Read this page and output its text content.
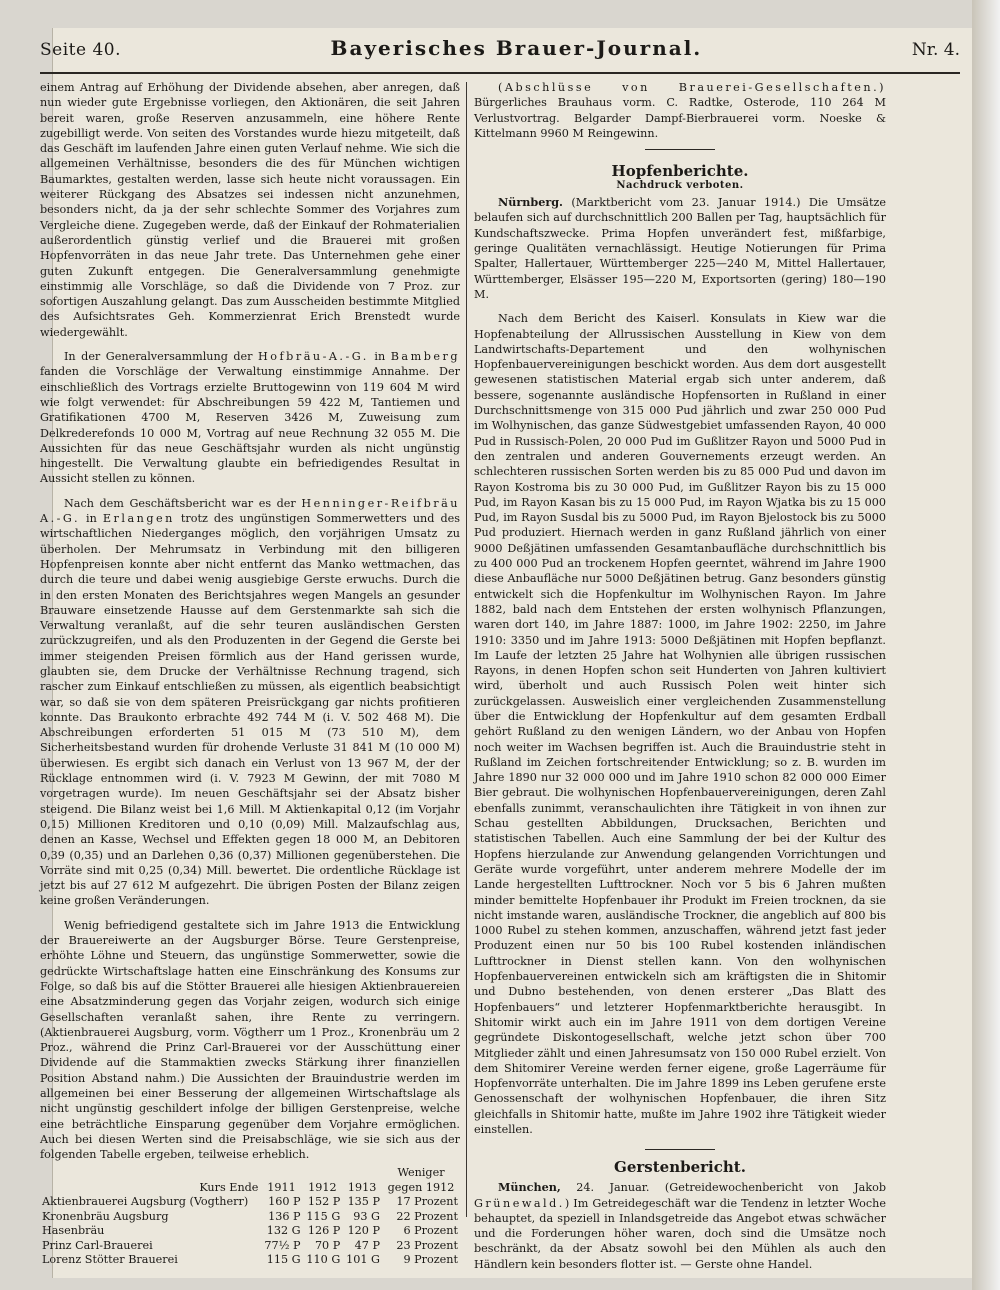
Seite 40.	Bayerisches Brauer-Journal.	Nr. 4.

einem Antrag auf Erhöhung der Dividende absehen, aber anregen, daß nun wieder gute Ergebnisse vorliegen, den Aktionären, die seit Jahren bereit waren, große Reserven anzusammeln, eine höhere Rente zugebilligt werde. Von seiten des Vorstandes wurde hiezu mitgeteilt, daß das Geschäft im laufenden Jahre einen guten Verlauf nehme. Wie sich die allgemeinen Verhältnisse, besonders die des für München wichtigen Baumarktes, gestalten werden, lasse sich heute nicht voraussagen. Ein weiterer Rückgang des Absatzes sei indessen nicht anzunehmen, besonders nicht, da ja der sehr schlechte Sommer des Vorjahres zum Vergleiche diene. Zugegeben werde, daß der Einkauf der Rohmaterialien außerordentlich günstig verlief und die Brauerei mit großen Hopfenvorräten in das neue Jahr trete. Das Unternehmen gehe einer guten Zukunft entgegen. Die Generalversammlung genehmigte einstimmig alle Vorschläge, so daß die Dividende von 7 Proz. zur sofortigen Auszahlung gelangt. Das zum Ausscheiden bestimmte Mitglied des Aufsichtsrates Geh. Kommerzienrat Erich Brenstedt wurde wiedergewählt.

In der Generalversammlung der Hofbräu-A.-G. in Bamberg fanden die Vorschläge der Verwaltung einstimmige Annahme. Der einschließlich des Vortrags erzielte Bruttogewinn von 119 604 M wird wie folgt verwendet: für Abschreibungen 59 422 M, Tantiemen und Gratifikationen 4700 M, Reserven 3426 M, Zuweisung zum Delkrederefonds 10 000 M, Vortrag auf neue Rechnung 32 055 M. Die Aussichten für das neue Geschäftsjahr wurden als nicht ungünstig hingestellt. Die Verwaltung glaubte ein befriedigendes Resultat in Aussicht stellen zu können.

Nach dem Geschäftsbericht war es der Henninger-Reifbräu A.-G. in Erlangen trotz des ungünstigen Sommerwetters und des wirtschaftlichen Niederganges möglich, den vorjährigen Umsatz zu überholen. Der Mehrumsatz in Verbindung mit den billigeren Hopfenpreisen konnte aber nicht entfernt das Manko wettmachen, das durch die teure und dabei wenig ausgiebige Gerste erwuchs. Durch die in den ersten Monaten des Berichtsjahres wegen Mangels an gesunder Brauware einsetzende Hausse auf dem Gerstenmarkte sah sich die Verwaltung veranlaßt, auf die sehr teuren ausländischen Gersten zurückzugreifen, und als den Produzenten in der Gegend die Gerste bei immer steigenden Preisen förmlich aus der Hand gerissen wurde, glaubten sie, dem Drucke der Verhältnisse Rechnung tragend, sich rascher zum Einkauf entschließen zu müssen, als eigentlich beabsichtigt war, so daß sie von dem späteren Preisrückgang gar nichts profitieren konnte. Das Braukonto erbrachte 492 744 M (i. V. 502 468 M). Die Abschreibungen erforderten 51 015 M (73 510 M), dem Sicherheitsbestand wurden für drohende Verluste 31 841 M (10 000 M) überwiesen. Es ergibt sich danach ein Verlust von 13 967 M, der der Rücklage entnommen wird (i. V. 7923 M Gewinn, der mit 7080 M vorgetragen wurde). Im neuen Geschäftsjahr sei der Absatz bisher steigend. Die Bilanz weist bei 1,6 Mill. M Aktienkapital 0,12 (im Vorjahr 0,15) Millionen Kreditoren und 0,10 (0,09) Mill. Malzaufschlag aus, denen an Kasse, Wechsel und Effekten gegen 18 000 M, an Debitoren 0,39 (0,35) und an Darlehen 0,36 (0,37) Millionen gegenüberstehen. Die Vorräte sind mit 0,25 (0,34) Mill. bewertet. Die ordentliche Rücklage ist jetzt bis auf 27 612 M aufgezehrt. Die übrigen Posten der Bilanz zeigen keine großen Veränderungen.

Wenig befriedigend gestaltete sich im Jahre 1913 die Entwicklung der Brauereiwerte an der Augsburger Börse. Teure Gerstenpreise, erhöhte Löhne und Steuern, das ungünstige Sommerwetter, sowie die gedrückte Wirtschaftslage hatten eine Einschränkung des Konsums zur Folge, so daß bis auf die Stötter Brauerei alle hiesigen Aktienbrauereien eine Absatzminderung gegen das Vorjahr zeigen, wodurch sich einige Gesellschaften veranlaßt sahen, ihre Rente zu verringern. (Aktienbrauerei Augsburg, vorm. Vögtherr um 1 Proz., Kronenbräu um 2 Proz., während die Prinz Carl-Brauerei vor der Ausschüttung einer Dividende auf die Stammaktien zwecks Stärkung ihrer finanziellen Position Abstand nahm.) Die Aussichten der Brauindustrie werden im allgemeinen bei einer Besserung der allgemeinen Wirtschaftslage als nicht ungünstig geschildert infolge der billigen Gerstenpreise, welche eine beträchtliche Einsparung gegenüber dem Vorjahre ermöglichen. Auch bei diesen Werten sind die Preisabschläge, wie sie sich aus der folgenden Tabelle ergeben, teilweise erheblich.

Kurs Ende	1911	1912	1913	Weniger gegen 1912
Aktienbrauerei Augsburg (Vogtherr)	160 P	152 P	135 P	17 Prozent
Kronenbräu Augsburg	136 P	115 G	93 G	22 Prozent
Hasenbräu	132 G	126 P	120 P	6 Prozent
Prinz Carl-Brauerei	77½ P	70 P	47 P	23 Prozent
Lorenz Stötter Brauerei	115 G	110 G	101 G	9 Prozent

(Abschlüsse von Brauerei-Gesellschaften.) Bürgerliches Brauhaus vorm. C. Radtke, Osterode, 110 264 M Verlustvortrag. Belgarder Dampf-Bierbrauerei vorm. Noeske & Kittelmann 9960 M Reingewinn.

Hopfenberichte.
Nachdruck verboten.

Nürnberg. (Marktbericht vom 23. Januar 1914.) Die Umsätze belaufen sich auf durchschnittlich 200 Ballen per Tag, hauptsächlich für Kundschaftszwecke. Prima Hopfen unverändert fest, mißfarbige, geringe Qualitäten vernachlässigt. Heutige Notierungen für Prima Spalter, Hallertauer, Württemberger 225—240 M, Mittel Hallertauer, Württemberger, Elsässer 195—220 M, Exportsorten (gering) 180—190 M.

Nach dem Bericht des Kaiserl. Konsulats in Kiew war die Hopfenabteilung der Allrussischen Ausstellung in Kiew von dem Landwirtschafts-Departement und den wolhynischen Hopfenbauervereinigungen beschickt worden. Aus dem dort ausgestellt gewesenen statistischen Material ergab sich unter anderem, daß bessere, sogenannte ausländische Hopfensorten in Rußland in einer Durchschnittsmenge von 315 000 Pud jährlich und zwar 250 000 Pud im Wolhynischen, das ganze Südwestgebiet umfassenden Rayon, 40 000 Pud in Russisch-Polen, 20 000 Pud im Gußlitzer Rayon und 5000 Pud in den zentralen und anderen Gouvernements erzeugt werden. An schlechteren russischen Sorten werden bis zu 85 000 Pud und davon im Rayon Kostroma bis zu 30 000 Pud, im Gußlitzer Rayon bis zu 15 000 Pud, im Rayon Kasan bis zu 15 000 Pud, im Rayon Wjatka bis zu 15 000 Pud, im Rayon Susdal bis zu 5000 Pud, im Rayon Bjelostock bis zu 5000 Pud produziert. Hiernach werden in ganz Rußland jährlich von einer 9000 Deßjätinen umfassenden Gesamtanbaufläche durchschnittlich bis zu 400 000 Pud an trockenem Hopfen geerntet, während im Jahre 1900 diese Anbaufläche nur 5000 Deßjätinen betrug. Ganz besonders günstig entwickelt sich die Hopfenkultur im Wolhynischen Rayon. Im Jahre 1882, bald nach dem Entstehen der ersten wolhynisch Pflanzungen, waren dort 140, im Jahre 1887: 1000, im Jahre 1902: 2250, im Jahre 1910: 3350 und im Jahre 1913: 5000 Deßjätinen mit Hopfen bepflanzt. Im Laufe der letzten 25 Jahre hat Wolhynien alle übrigen russischen Rayons, in denen Hopfen schon seit Hunderten von Jahren kultiviert wird, überholt und auch Russisch Polen weit hinter sich zurückgelassen. Ausweislich einer vergleichenden Zusammenstellung über die Entwicklung der Hopfenkultur auf dem gesamten Erdball gehört Rußland zu den wenigen Ländern, wo der Anbau von Hopfen noch weiter im Wachsen begriffen ist. Auch die Brauindustrie steht in Rußland im Zeichen fortschreitender Entwicklung; so z. B. wurden im Jahre 1890 nur 32 000 000 und im Jahre 1910 schon 82 000 000 Eimer Bier gebraut. Die wolhynischen Hopfenbauervereinigungen, deren Zahl ebenfalls zunimmt, veranschaulichten ihre Tätigkeit in von ihnen zur Schau gestellten Abbildungen, Drucksachen, Berichten und statistischen Tabellen. Auch eine Sammlung der bei der Kultur des Hopfens hierzulande zur Anwendung gelangenden Vorrichtungen und Geräte wurde vorgeführt, unter anderem mehrere Modelle der im Lande hergestellten Lufttrockner. Noch vor 5 bis 6 Jahren mußten minder bemittelte Hopfenbauer ihr Produkt im Freien trocknen, da sie nicht imstande waren, ausländische Trockner, die angeblich auf 800 bis 1000 Rubel zu stehen kommen, anzuschaffen, während jetzt fast jeder Produzent einen nur 50 bis 100 Rubel kostenden inländischen Lufttrockner in Dienst stellen kann. Von den wolhynischen Hopfenbauervereinen entwickeln sich am kräftigsten die in Shitomir und Dubno bestehenden, von denen ersterer „Das Blatt des Hopfenbauers“ und letzterer Hopfenmarktberichte herausgibt. In Shitomir wirkt auch ein im Jahre 1911 von dem dortigen Vereine gegründete Diskontogesellschaft, welche jetzt schon über 700 Mitglieder zählt und einen Jahresumsatz von 150 000 Rubel erzielt. Von dem Shitomirer Vereine werden ferner eigene, große Lagerräume für Hopfenvorräte unterhalten. Die im Jahre 1899 ins Leben gerufene erste Genossenschaft der wolhynischen Hopfenbauer, die ihren Sitz gleichfalls in Shitomir hatte, mußte im Jahre 1902 ihre Tätigkeit wieder einstellen.

Gerstenbericht.

München, 24. Januar. (Getreidewochenbericht von Jakob Grünewald.) Im Getreidegeschäft war die Tendenz in letzter Woche behauptet, da speziell in Inlandsgetreide das Angebot etwas schwächer und die Forderungen höher waren, doch sind die Umsätze noch beschränkt, da der Absatz sowohl bei den Mühlen als auch den Händlern kein besonders flotter ist. — Gerste ohne Handel.
